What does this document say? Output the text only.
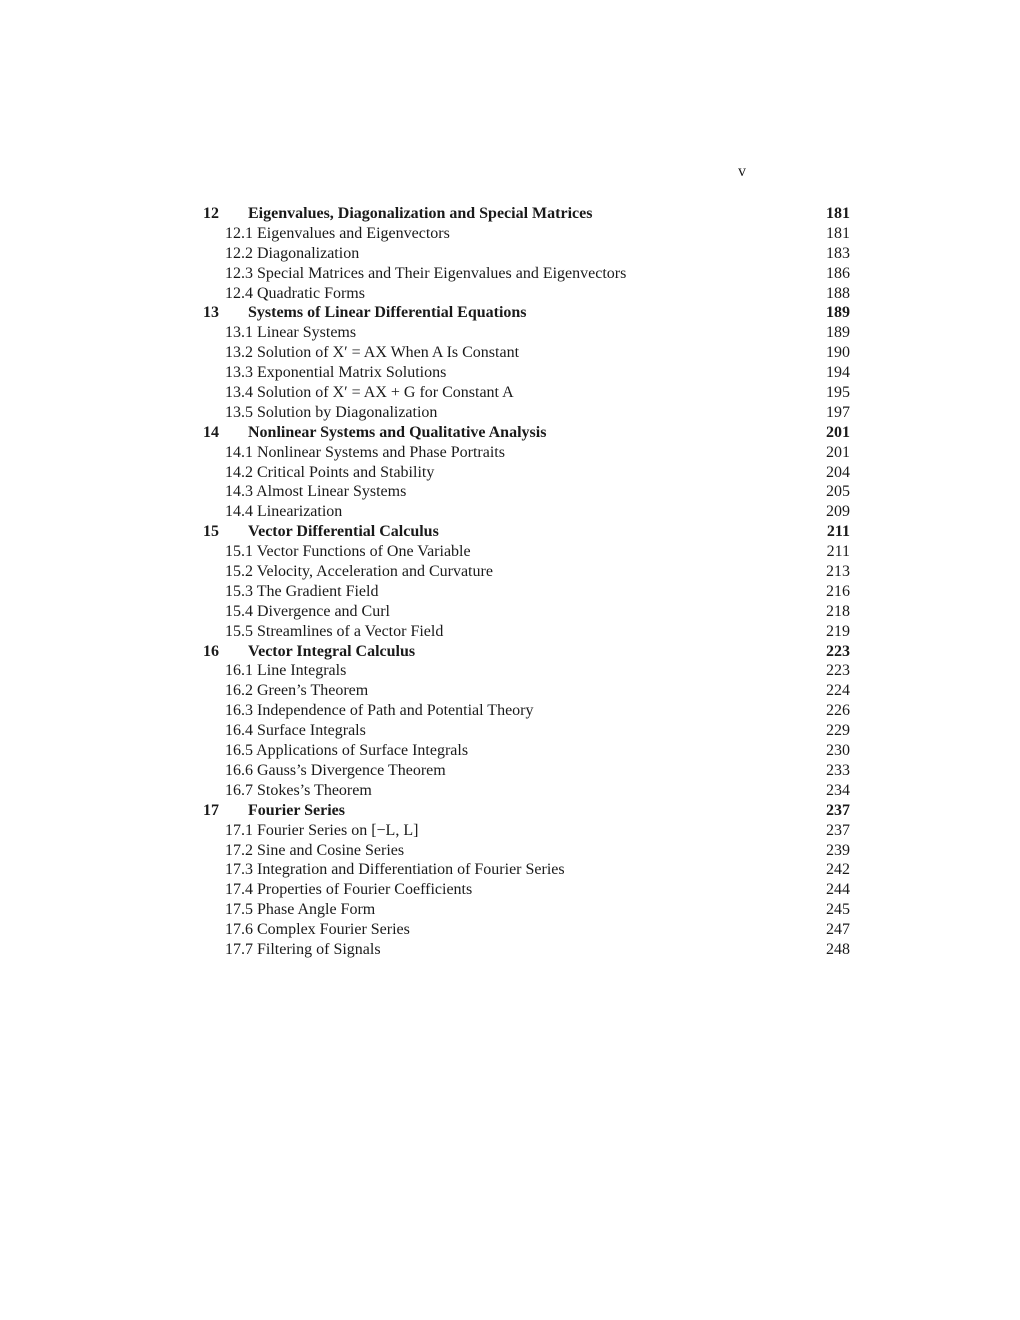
v
12 Eigenvalues, Diagonalization and Special Matrices	181
12.1 Eigenvalues and Eigenvectors	181
12.2 Diagonalization	183
12.3 Special Matrices and Their Eigenvalues and Eigenvectors	186
12.4 Quadratic Forms	188
13 Systems of Linear Differential Equations	189
13.1 Linear Systems	189
13.2 Solution of X′ = AX When A Is Constant	190
13.3 Exponential Matrix Solutions	194
13.4 Solution of X′ = AX + G for Constant A	195
13.5 Solution by Diagonalization	197
14 Nonlinear Systems and Qualitative Analysis	201
14.1 Nonlinear Systems and Phase Portraits	201
14.2 Critical Points and Stability	204
14.3 Almost Linear Systems	205
14.4 Linearization	209
15 Vector Differential Calculus	211
15.1 Vector Functions of One Variable	211
15.2 Velocity, Acceleration and Curvature	213
15.3 The Gradient Field	216
15.4 Divergence and Curl	218
15.5 Streamlines of a Vector Field	219
16 Vector Integral Calculus	223
16.1 Line Integrals	223
16.2 Green’s Theorem	224
16.3 Independence of Path and Potential Theory	226
16.4 Surface Integrals	229
16.5 Applications of Surface Integrals	230
16.6 Gauss’s Divergence Theorem	233
16.7 Stokes’s Theorem	234
17 Fourier Series	237
17.1 Fourier Series on [−L, L]	237
17.2 Sine and Cosine Series	239
17.3 Integration and Differentiation of Fourier Series	242
17.4 Properties of Fourier Coefficients	244
17.5 Phase Angle Form	245
17.6 Complex Fourier Series	247
17.7 Filtering of Signals	248
